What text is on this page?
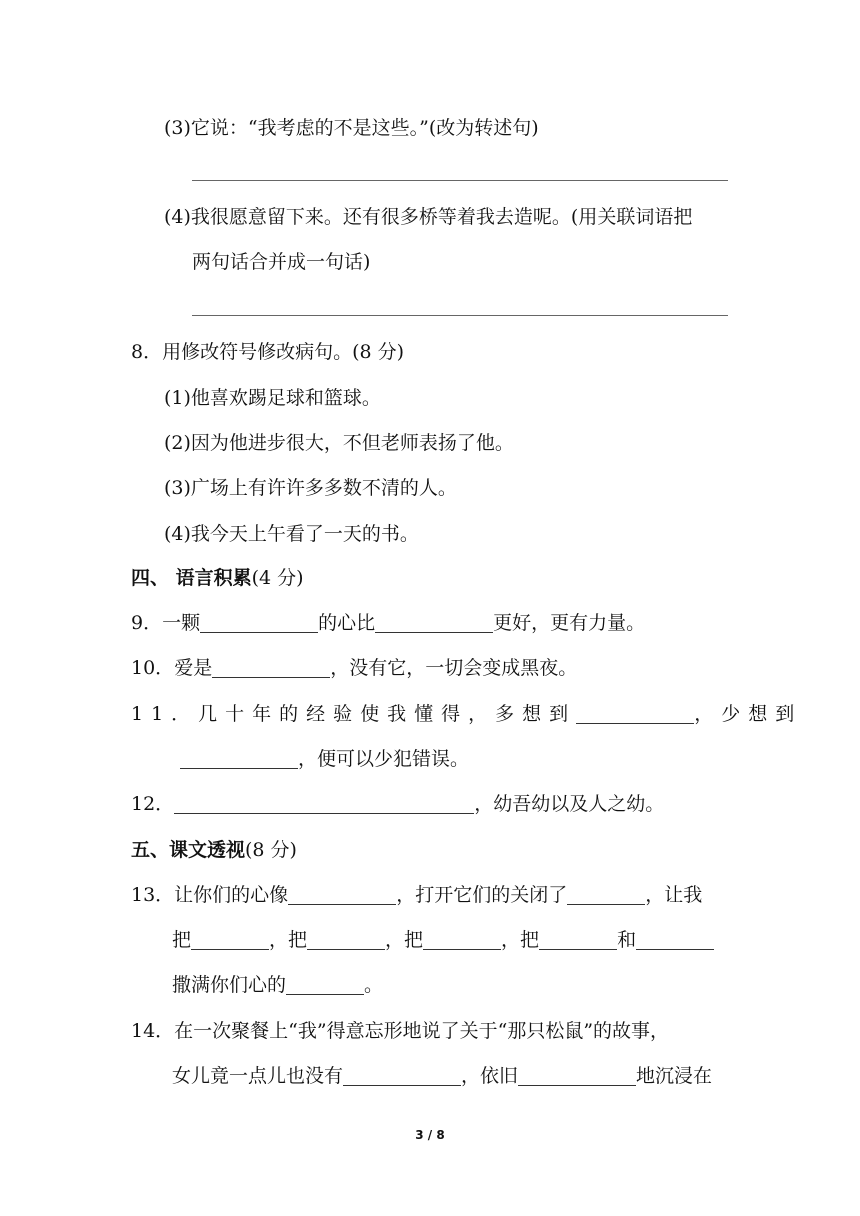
(3)它说：“我考虑的不是这些。”(改为转述句)
(4)我很愿意留下来。还有很多桥等着我去造呢。(用关联词语把
两句话合并成一句话)
8．用修改符号修改病句。(8 分)
(1)他喜欢踢足球和篮球。
(2)因为他进步很大，不但老师表扬了他。
(3)广场上有许许多多数不清的人。
(4)我今天上午看了一天的书。
四、 语言积累(4 分)
9．一颗	的心比	更好，更有力量。
10．爱是	，没有它，一切会变成黑夜。
11．几十年的经验使我懂得，多想到	，少想到
，便可以少犯错误。
12．	，幼吾幼以及人之幼。
五、课文透视(8 分)
13．让你们的心像	，打开它们的关闭了	，让我
把	，把	，把	，把	和
撒满你们心的	。
14．在一次聚餐上“我”得意忘形地说了关于“那只松鼠”的故事，
女儿竟一点儿也没有	，依旧	地沉浸在
3 / 8
